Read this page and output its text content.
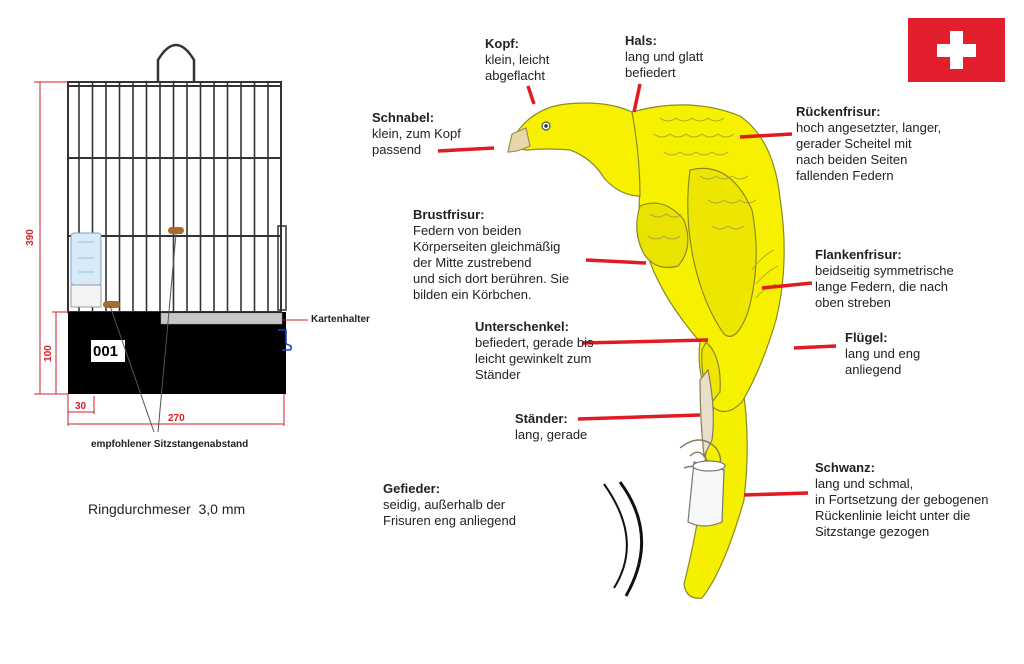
390
100
30
270
001
Kartenhalter
empfohlener Sitzstangenabstand
Ringdurchmeser  3,0 mm
Kopf:
klein, leicht
abgeflacht
Hals:
lang und glatt
befiedert
Schnabel:
klein, zum Kopf
passend
Rückenfrisur:
hoch angesetzter, langer,
gerader Scheitel mit
nach beiden Seiten
fallenden Federn
Brustfrisur:
Federn von beiden
Körperseiten gleichmäßig
der Mitte zustrebend
und sich dort berühren. Sie
bilden ein Körbchen.
Flankenfrisur:
beidseitig symmetrische
lange Federn, die nach
oben streben
Unterschenkel:
befiedert, gerade bis
leicht gewinkelt zum
Ständer
Flügel:
lang und eng
anliegend
Ständer:
lang, gerade
Schwanz:
lang und schmal,
in Fortsetzung der gebogenen
Rückenlinie leicht unter die
Sitzstange gezogen
Gefieder:
seidig, außerhalb der
Frisuren eng anliegend
